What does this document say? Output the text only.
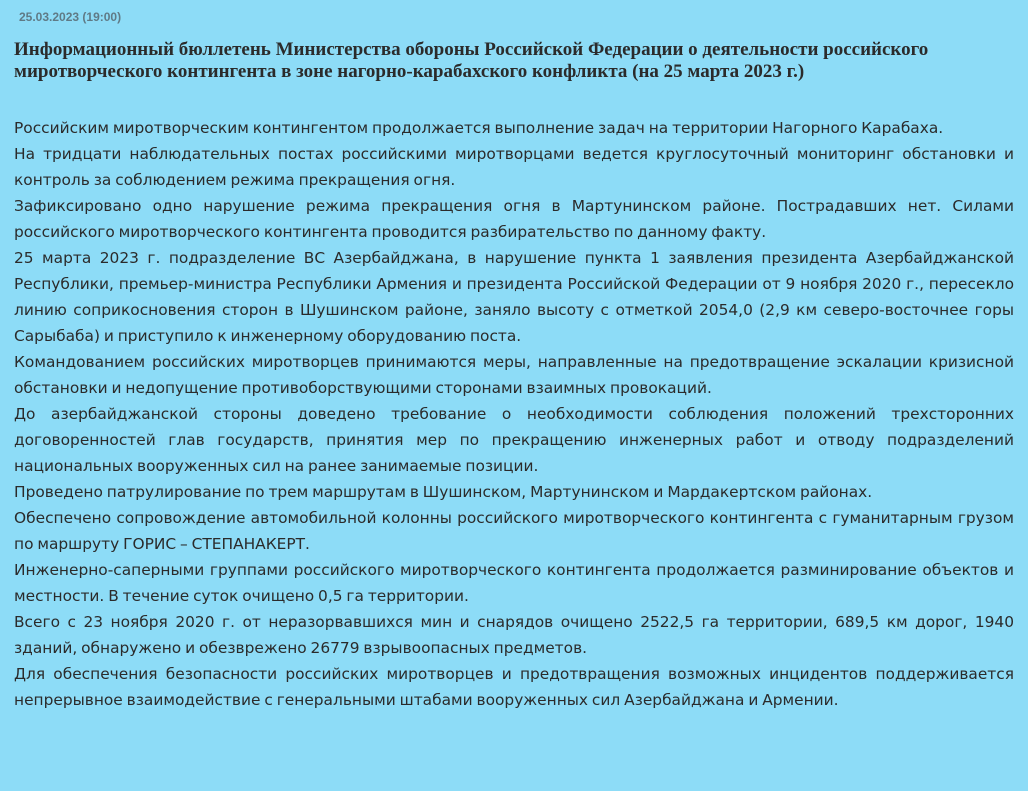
25.03.2023 (19:00)
Информационный бюллетень Министерства обороны Российской Федерации о деятельности российского миротворческого контингента в зоне нагорно-карабахского конфликта (на 25 марта 2023 г.)

Российским миротворческим контингентом продолжается выполнение задач на территории Нагорного Карабаха.

На тридцати наблюдательных постах российскими миротворцами ведется круглосуточный мониторинг обстановки и контроль за соблюдением режима прекращения огня.

Зафиксировано одно нарушение режима прекращения огня в Мартунинском районе. Пострадавших нет. Силами российского миротворческого контингента проводится разбирательство по данному факту.

25 марта 2023 г. подразделение ВС Азербайджана, в нарушение пункта 1 заявления президента Азербайджанской Республики, премьер-министра Республики Армения и президента Российской Федерации от 9 ноября 2020 г., пересекло линию соприкосновения сторон в Шушинском районе, заняло высоту с отметкой 2054,0 (2,9 км северо-восточнее горы Сарыбаба) и приступило к инженерному оборудованию поста.

Командованием российских миротворцев принимаются меры, направленные на предотвращение эскалации кризисной обстановки и недопущение противоборствующими сторонами взаимных провокаций.

До азербайджанской стороны доведено требование о необходимости соблюдения положений трехсторонних договоренностей глав государств, принятия мер по прекращению инженерных работ и отводу подразделений национальных вооруженных сил на ранее занимаемые позиции.

Проведено патрулирование по трем маршрутам в Шушинском, Мартунинском и Мардакертском районах.

Обеспечено сопровождение автомобильной колонны российского миротворческого контингента с гуманитарным грузом по маршруту ГОРИС – СТЕПАНАКЕРТ.

Инженерно-саперными группами российского миротворческого контингента продолжается разминирование объектов и местности. В течение суток очищено 0,5 га территории.

Всего с 23 ноября 2020 г. от неразорвавшихся мин и снарядов очищено 2522,5 га территории, 689,5 км дорог, 1940 зданий, обнаружено и обезврежено 26779 взрывоопасных предметов.

Для обеспечения безопасности российских миротворцев и предотвращения возможных инцидентов поддерживается непрерывное взаимодействие с генеральными штабами вооруженных сил Азербайджана и Армении.
